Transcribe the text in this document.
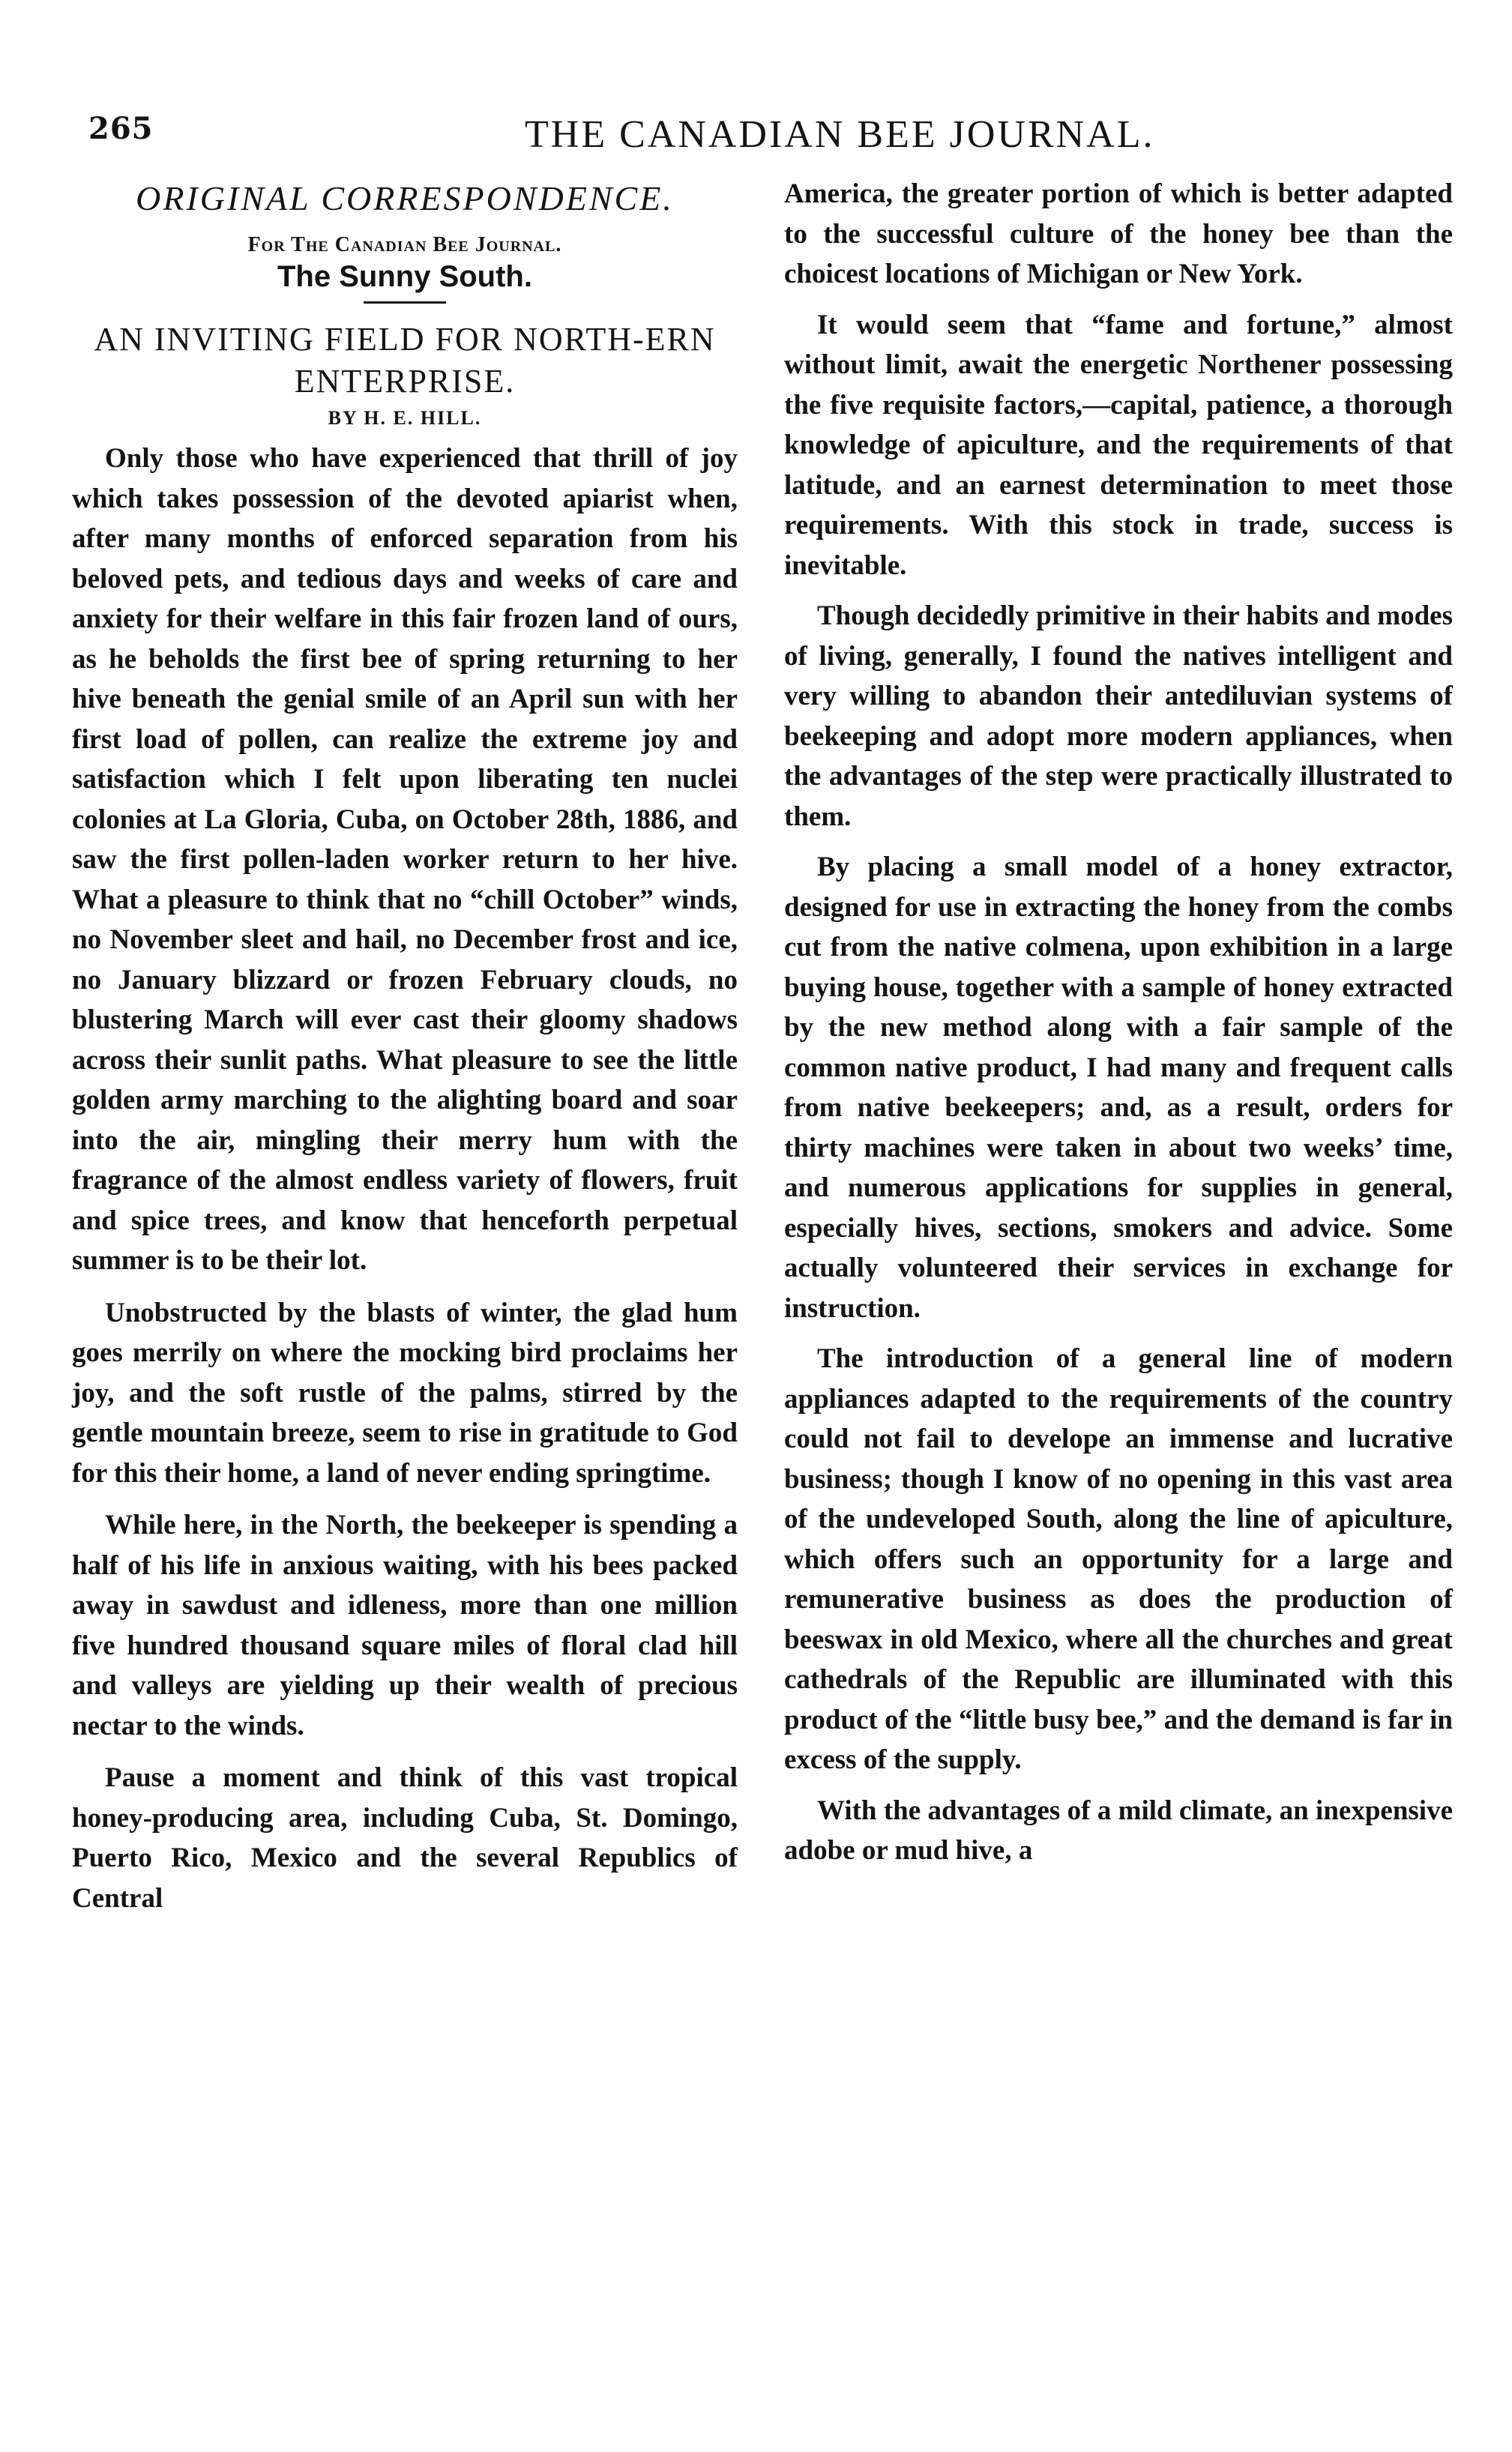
265	THE CANADIAN BEE JOURNAL.
ORIGINAL CORRESPONDENCE.
For The Canadian Bee Journal.
The Sunny South.
AN INVITING FIELD FOR NORTH-ERN ENTERPRISE.
BY H. E. HILL.

Only those who have experienced that thrill of joy which takes possession of the devoted apiarist when, after many months of enforced separation from his beloved pets, and tedious days and weeks of care and anxiety for their welfare in this fair frozen land of ours, as he beholds the first bee of spring returning to her hive beneath the genial smile of an April sun with her first load of pollen, can realize the extreme joy and satisfaction which I felt upon liberating ten nuclei colonies at La Gloria, Cuba, on October 28th, 1886, and saw the first pollen-laden worker return to her hive. What a pleasure to think that no “chill October” winds, no November sleet and hail, no December frost and ice, no January blizzard or frozen February clouds, no blustering March will ever cast their gloomy shadows across their sunlit paths. What pleasure to see the little golden army marching to the alighting board and soar into the air, mingling their merry hum with the fragrance of the almost endless variety of flowers, fruit and spice trees, and know that henceforth perpetual summer is to be their lot.

Unobstructed by the blasts of winter, the glad hum goes merrily on where the mocking bird proclaims her joy, and the soft rustle of the palms, stirred by the gentle mountain breeze, seem to rise in gratitude to God for this their home, a land of never ending springtime.

While here, in the North, the beekeeper is spending a half of his life in anxious waiting, with his bees packed away in sawdust and idleness, more than one million five hundred thousand square miles of floral clad hill and valleys are yielding up their wealth of precious nectar to the winds.

Pause a moment and think of this vast tropical honey-producing area, including Cuba, St. Domingo, Puerto Rico, Mexico and the several Republics of Central

America, the greater portion of which is better adapted to the successful culture of the honey bee than the choicest locations of Michigan or New York.

It would seem that “fame and fortune,” almost without limit, await the energetic Northener possessing the five requisite factors,—capital, patience, a thorough knowledge of apiculture, and the requirements of that latitude, and an earnest determination to meet those requirements. With this stock in trade, success is inevitable.

Though decidedly primitive in their habits and modes of living, generally, I found the natives intelligent and very willing to abandon their antediluvian systems of beekeeping and adopt more modern appliances, when the advantages of the step were practically illustrated to them.

By placing a small model of a honey extractor, designed for use in extracting the honey from the combs cut from the native colmena, upon exhibition in a large buying house, together with a sample of honey extracted by the new method along with a fair sample of the common native product, I had many and frequent calls from native beekeepers; and, as a result, orders for thirty machines were taken in about two weeks’ time, and numerous applications for supplies in general, especially hives, sections, smokers and advice. Some actually volunteered their services in exchange for instruction.

The introduction of a general line of modern appliances adapted to the requirements of the country could not fail to develope an immense and lucrative business; though I know of no opening in this vast area of the undeveloped South, along the line of apiculture, which offers such an opportunity for a large and remunerative business as does the production of beeswax in old Mexico, where all the churches and great cathedrals of the Republic are illuminated with this product of the “little busy bee,” and the demand is far in excess of the supply.

With the advantages of a mild climate, an inexpensive adobe or mud hive, a
